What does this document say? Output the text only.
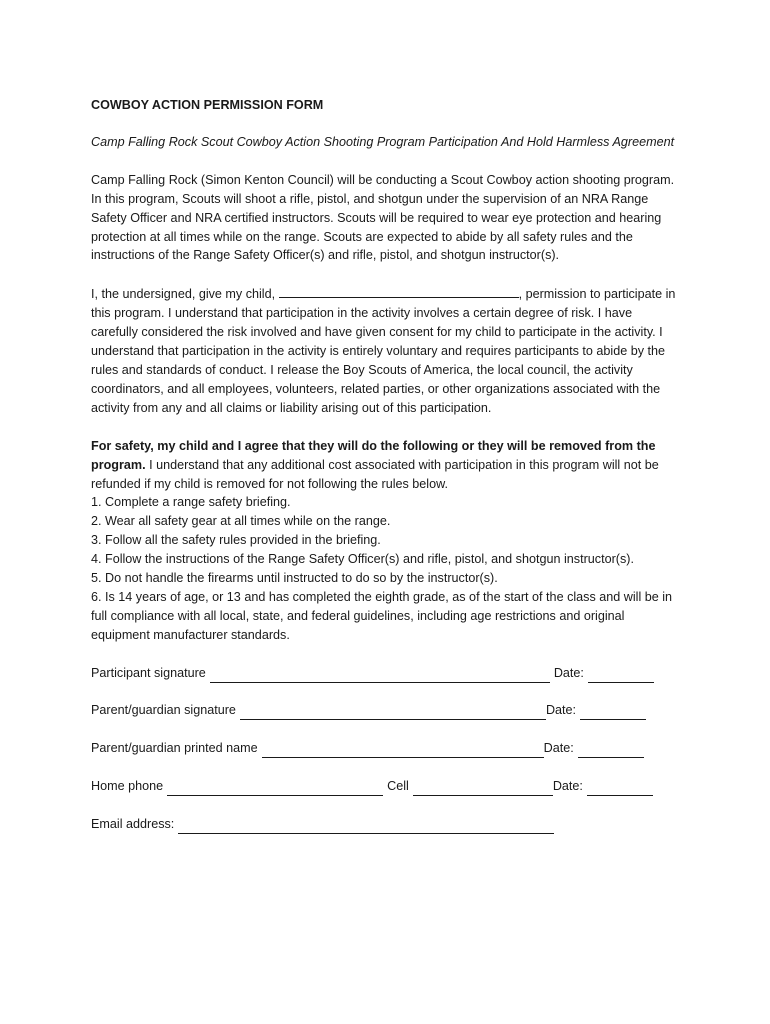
COWBOY ACTION PERMISSION FORM

Camp Falling Rock Scout Cowboy Action Shooting Program Participation And Hold Harmless Agreement

Camp Falling Rock (Simon Kenton Council) will be conducting a Scout Cowboy action shooting program. In this program, Scouts will shoot a rifle, pistol, and shotgun under the supervision of an NRA Range Safety Officer and NRA certified instructors. Scouts will be required to wear eye protection and hearing protection at all times while on the range. Scouts are expected to abide by all safety rules and the instructions of the Range Safety Officer(s) and rifle, pistol, and shotgun instructor(s).

I, the undersigned, give my child,	, permission to participate in this program. I understand that participation in the activity involves a certain degree of risk. I have carefully considered the risk involved and have given consent for my child to participate in the activity. I understand that participation in the activity is entirely voluntary and requires participants to abide by the rules and standards of conduct. I release the Boy Scouts of America, the local council, the activity coordinators, and all employees, volunteers, related parties, or other organizations associated with the activity from any and all claims or liability arising out of this participation.

For safety, my child and I agree that they will do the following or they will be removed from the program. I understand that any additional cost associated with participation in this program will not be refunded if my child is removed for not following the rules below.

1. Complete a range safety briefing.

2. Wear all safety gear at all times while on the range.

3. Follow all the safety rules provided in the briefing.

4. Follow the instructions of the Range Safety Officer(s) and rifle, pistol, and shotgun instructor(s).

5. Do not handle the firearms until instructed to do so by the instructor(s).

6. Is 14 years of age, or 13 and has completed the eighth grade, as of the start of the class and will be in full compliance with all local, state, and federal guidelines, including age restrictions and original equipment manufacturer standards.

Participant signature	Date:
Parent/guardian signature	Date:
Parent/guardian printed name	Date:
Home phone	Cell	Date:
Email address:
